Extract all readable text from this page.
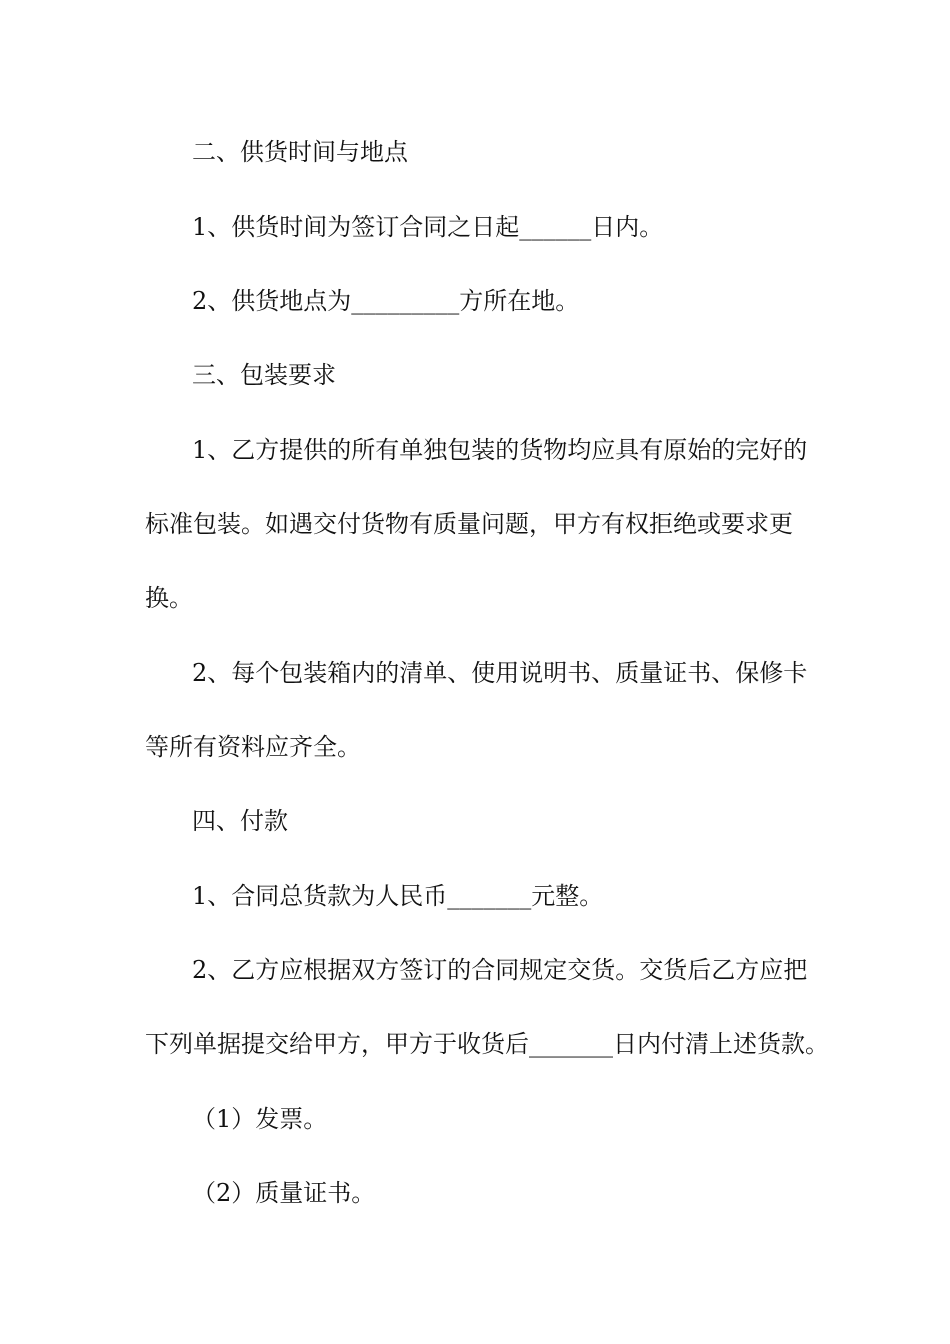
二、供货时间与地点
1、供货时间为签订合同之日起______日内。
2、供货地点为_________方所在地。
三、包装要求
1、乙方提供的所有单独包装的货物均应具有原始的完好的
标准包装。如遇交付货物有质量问题，甲方有权拒绝或要求更
换。
2、每个包装箱内的清单、使用说明书、质量证书、保修卡
等所有资料应齐全。
四、付款
1、合同总货款为人民币_______元整。
2、乙方应根据双方签订的合同规定交货。交货后乙方应把
下列单据提交给甲方，甲方于收货后_______日内付清上述货款。
（1）发票。
（2）质量证书。
